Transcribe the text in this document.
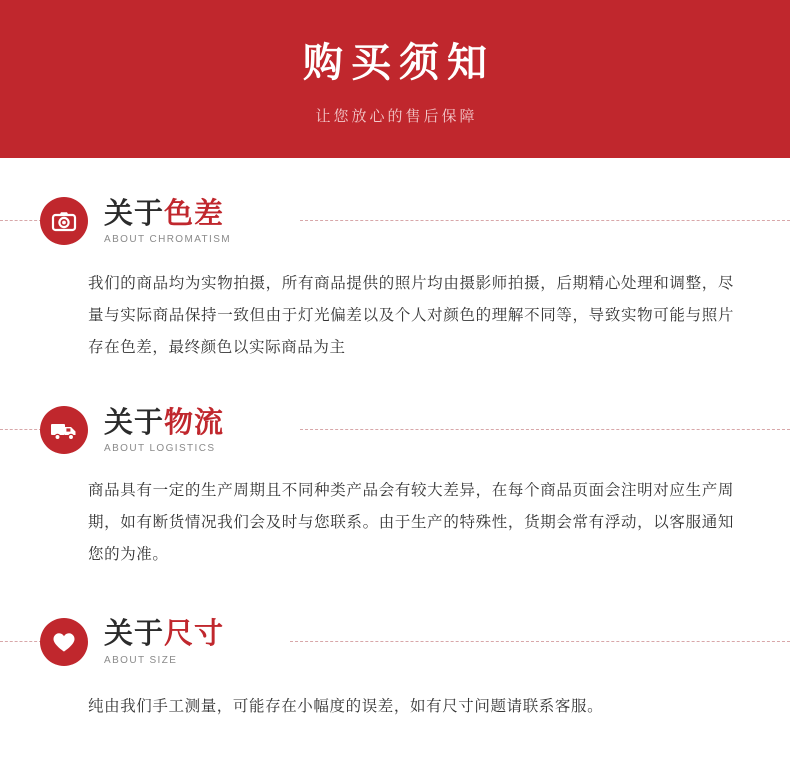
购买须知
让您放心的售后保障
关于色差
ABOUT CHROMATISM
我们的商品均为实物拍摄，所有商品提供的照片均由摄影师拍摄，后期精心处理和调整，尽量与实际商品保持一致但由于灯光偏差以及个人对颜色的理解不同等，导致实物可能与照片存在色差，最终颜色以实际商品为主
关于物流
ABOUT LOGISTICS
商品具有一定的生产周期且不同种类产品会有较大差异，在每个商品页面会注明对应生产周期，如有断货情况我们会及时与您联系。由于生产的特殊性，货期会常有浮动，以客服通知您的为准。
关于尺寸
ABOUT SIZE
纯由我们手工测量，可能存在小幅度的误差，如有尺寸问题请联系客服。
